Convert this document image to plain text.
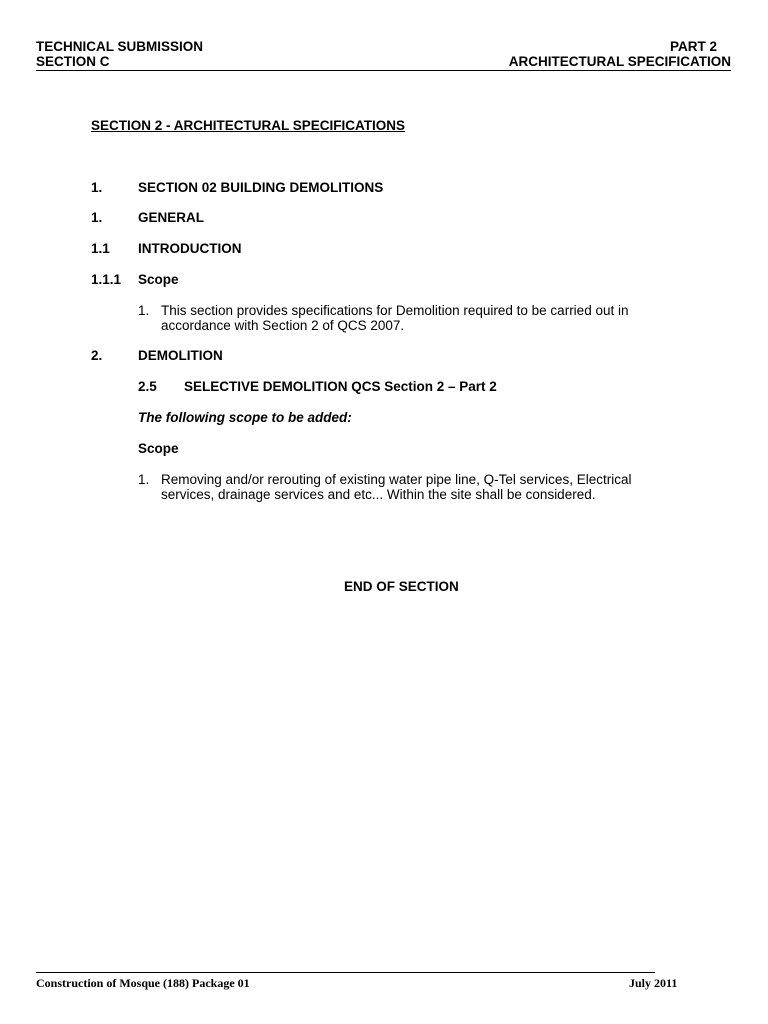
TECHNICAL SUBMISSION
SECTION C
PART 2
ARCHITECTURAL SPECIFICATION
SECTION 2 - ARCHITECTURAL SPECIFICATIONS
1.	SECTION 02 BUILDING DEMOLITIONS
1.	GENERAL
1.1 INTRODUCTION
1.1.1 Scope
1. This section provides specifications for Demolition required to be carried out in
accordance with Section 2 of QCS 2007.
2.	DEMOLITION
2.5 SELECTIVE DEMOLITION QCS Section 2 – Part 2
The following scope to be added:
Scope
1. Removing and/or rerouting of existing water pipe line, Q-Tel services, Electrical
services, drainage services and etc... Within the site shall be considered.
END OF SECTION
Construction of Mosque (188) Package 01	July 2011
